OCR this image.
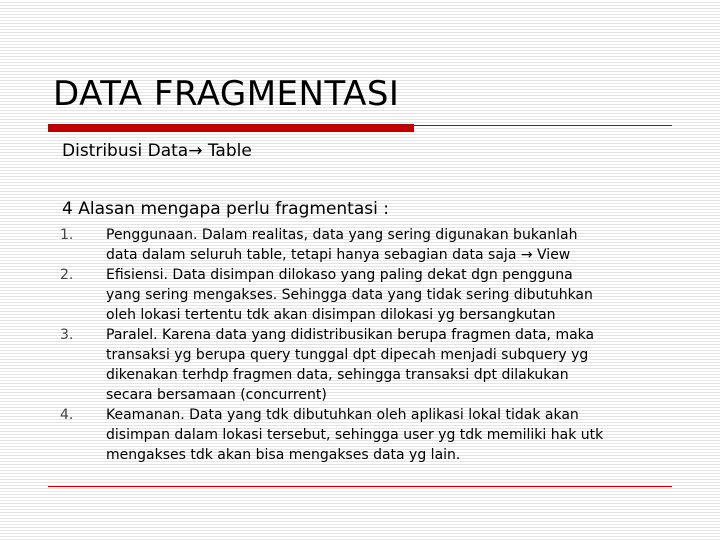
DATA FRAGMENTASI
Distribusi Data→ Table
4 Alasan mengapa perlu fragmentasi :
1.	Penggunaan. Dalam realitas, data yang sering digunakan bukanlah
data dalam seluruh table, tetapi hanya sebagian data saja → View
2.	Efisiensi. Data disimpan dilokaso yang paling dekat dgn pengguna
yang sering mengakses. Sehingga data yang tidak sering dibutuhkan
oleh lokasi tertentu tdk akan disimpan dilokasi yg bersangkutan
3.	Paralel. Karena data yang didistribusikan berupa fragmen data, maka
transaksi yg berupa query tunggal dpt dipecah menjadi subquery yg
dikenakan terhdp fragmen data, sehingga transaksi dpt dilakukan
secara bersamaan (concurrent)
4.	Keamanan. Data yang tdk dibutuhkan oleh aplikasi lokal tidak akan
disimpan dalam lokasi tersebut, sehingga user yg tdk memiliki hak utk
mengakses tdk akan bisa mengakses data yg lain.
